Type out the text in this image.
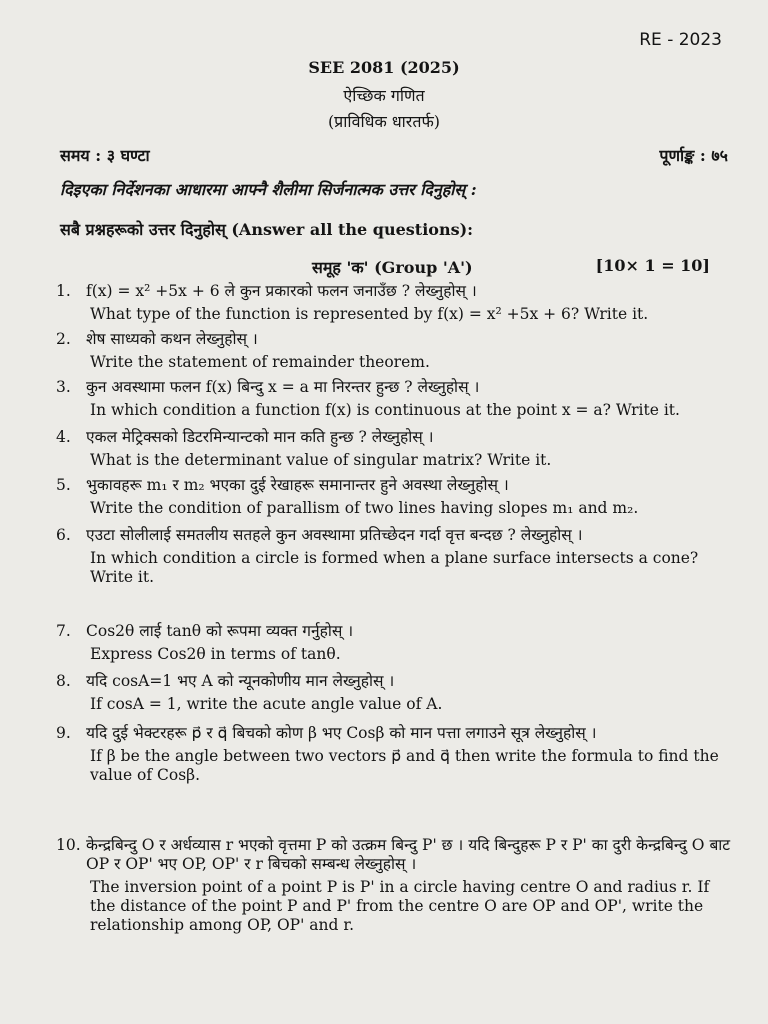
RE - 2023
SEE 2081 (2025)
ऐच्छिक गणित
(प्राविधिक धारतर्फ)
समय : ३ घण्टा	पूर्णाङ्क : ७५
दिइएका निर्देशनका आधारमा आफ्नै शैलीमा सिर्जनात्मक उत्तर दिनुहोस् :
सबै प्रश्नहरूको उत्तर दिनुहोस् (Answer all the questions):
समूह 'क' (Group 'A')	[10× 1 = 10]
1. f(x) = x² +5x + 6 ले कुन प्रकारको फलन जनाउँछ ? लेख्नुहोस् ।
What type of the function is represented by f(x) = x² +5x + 6? Write it.
2. शेष साध्यको कथन लेख्नुहोस् ।
Write the statement of remainder theorem.
3. कुन अवस्थामा फलन f(x) बिन्दु x = a मा निरन्तर हुन्छ ? लेख्नुहोस् ।
In which condition a function f(x) is continuous at the point x = a? Write it.
4. एकल मेट्रिक्सको डिटरमिन्यान्टको मान कति हुन्छ ? लेख्नुहोस् ।
What is the determinant value of singular matrix? Write it.
5. भुकावहरू m₁ र m₂ भएका दुई रेखाहरू समानान्तर हुने अवस्था लेख्नुहोस् ।
Write the condition of parallism of two lines having slopes m₁ and m₂.
6. एउटा सोलीलाई समतलीय सतहले कुन अवस्थामा प्रतिच्छेदन गर्दा वृत्त बन्दछ ? लेख्नुहोस् ।
In which condition a circle is formed when a plane surface intersects a cone? Write it.
7. Cos2θ लाई tanθ को रूपमा व्यक्त गर्नुहोस् ।
Express Cos2θ in terms of tanθ.
8. यदि cosA=1 भए A को न्यूनकोणीय मान लेख्नुहोस् ।
If cosA = 1, write the acute angle value of A.
9. यदि दुई भेक्टरहरू p⃗ र q⃗ बिचको कोण β भए Cosβ को मान पत्ता लगाउने सूत्र लेख्नुहोस् ।
If β be the angle between two vectors p⃗ and q⃗ then write the formula to find the value of Cosβ.
10. केन्द्रबिन्दु O र अर्धव्यास r भएको वृत्तमा P को उत्क्रम बिन्दु P' छ । यदि बिन्दुहरू P र P' का दुरी केन्द्रबिन्दु O बाट OP र OP' भए OP, OP' र r बिचको सम्बन्ध लेख्नुहोस् ।
The inversion point of a point P is P' in a circle having centre O and radius r. If the distance of the point P and P' from the centre O are OP and OP', write the relationship among OP, OP' and r.
